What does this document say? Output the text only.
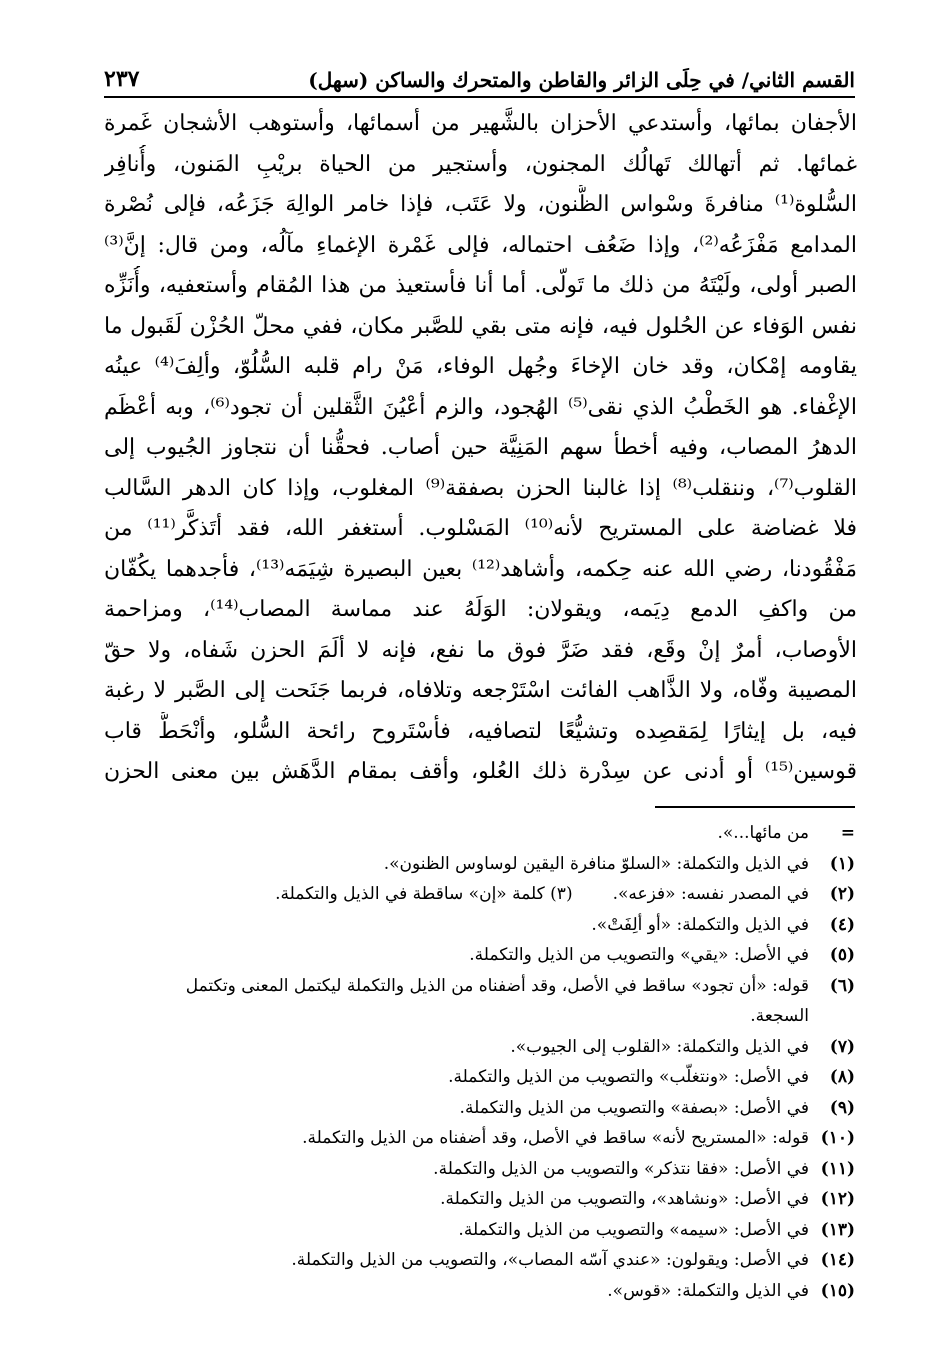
القسم الثاني/ في حِلَى الزائر والقاطن والمتحرك والساكن (سهل)
٢٣٧
الأجفان بمائها، وأستدعي الأحزان بالشَّهير من أسمائها، وأستوهب الأشجان غَمرة
غمائها. ثم أتهالك تَهالُك المجنون، وأستجير من الحياة بريْبِ المَنون، وأُنافِر
السُّلوة⁽¹⁾ منافرةَ وسْواس الظُّنون، ولا عَتَب، فإذا خامر الوالِهَ جَزَعُه، فإلى نُصْرة
المدامع مَفْزَعُه⁽²⁾، وإذا ضَعُف احتماله، فإلى غَمْرة الإغماءِ مآلُه، ومن قال: إنَّ⁽³⁾
الصبر أولى، ولَيْتَهُ من ذلك ما تَولّى. أما أنا فأستعيذ من هذا المُقام وأستعفيه، وأُنَزِّه
نفس الوَفاء عن الحُلول فيه، فإنه متى بقي للصَّبر مكان، ففي محلّ الحُزْن لَقَبول ما
يقاومه إمْكان، وقد خان الإخاءَ وجُهل الوفاء، مَنْ رام قلبه السُّلُوّ، وألِفَ⁽⁴⁾ عينُه
الإغْفاء. هو الخَطْبُ الذي نقى⁽⁵⁾ الهُجود، والزم أعْيُنَ الثَّقلين أن تجود⁽⁶⁾، وبه أعْظَم
الدهرُ المصاب، وفيه أخطأ سهم المَنِيَّة حين أصاب. فحقُّنا أن نتجاوز الجُيوب إلى
القلوب⁽⁷⁾، وننقلب⁽⁸⁾ إذا غالبنا الحزن بصفقة⁽⁹⁾ المغلوب، وإذا كان الدهر السَّالب
فلا غضاضة على المستريح لأنه⁽¹⁰⁾ المَسْلوب. أستغفر الله، فقد أتَذكَّر⁽¹¹⁾ من
مَفْقُودنا، رضي الله عنه حِكمه، وأشاهد⁽¹²⁾ بعين البصيرة شِيَمَه⁽¹³⁾، فأجدهما يكُفّان
من واكفِ الدمع دِيَمه، ويقولان: الوَلَهُ عند مماسة المصاب⁽¹⁴⁾، ومزاحمة
الأوصاب، أمرٌ إنْ وقَع، فقد ضَرَّ فوق ما نفع، فإنه لا ألَمَ الحزن شَفاه، ولا حقّ
المصيبة وفّاه، ولا الذَّاهب الفائت اسْتَرْجعه وتلافاه، فربما جَنَحت إلى الصَّبر لا رغبة
فيه، بل إيثارًا لِمَقصِده وتشيُّعًا لتصافيه، فأسْتَروح رائحة السُّلو، وأنْحَطُّ قاب
قوسين⁽¹⁵⁾ أو أدنى عن سِدْرة ذلك العُلو، وأقف بمقام الدَّهَش بين معنى الحزن
=
من مائها...».
(١)
في الذيل والتكملة: «السلوّ منافرة اليقين لوساوس الظنون».
(٢)
في المصدر نفسه: «فزعه».
(٣) كلمة «إن» ساقطة في الذيل والتكملة.
(٤)
في الذيل والتكملة: «أو ألِفَتْ».
(٥)
في الأصل: «يقي» والتصويب من الذيل والتكملة.
(٦)
قوله: «أن تجود» ساقط في الأصل، وقد أضفناه من الذيل والتكملة ليكتمل المعنى وتكتمل
السجعة.
(٧)
في الذيل والتكملة: «القلوب إلى الجيوب».
(٨)
في الأصل: «ونتغلّب» والتصويب من الذيل والتكملة.
(٩)
في الأصل: «بصفة» والتصويب من الذيل والتكملة.
(١٠)
قوله: «المستريح لأنه» ساقط في الأصل، وقد أضفناه من الذيل والتكملة.
(١١)
في الأصل: «فقا نتذكر» والتصويب من الذيل والتكملة.
(١٢)
في الأصل: «ونشاهد»، والتصويب من الذيل والتكملة.
(١٣)
في الأصل: «سيمه» والتصويب من الذيل والتكملة.
(١٤)
في الأصل: ويقولون: «عندي آسّه المصاب»، والتصويب من الذيل والتكملة.
(١٥)
في الذيل والتكملة: «قوس».
